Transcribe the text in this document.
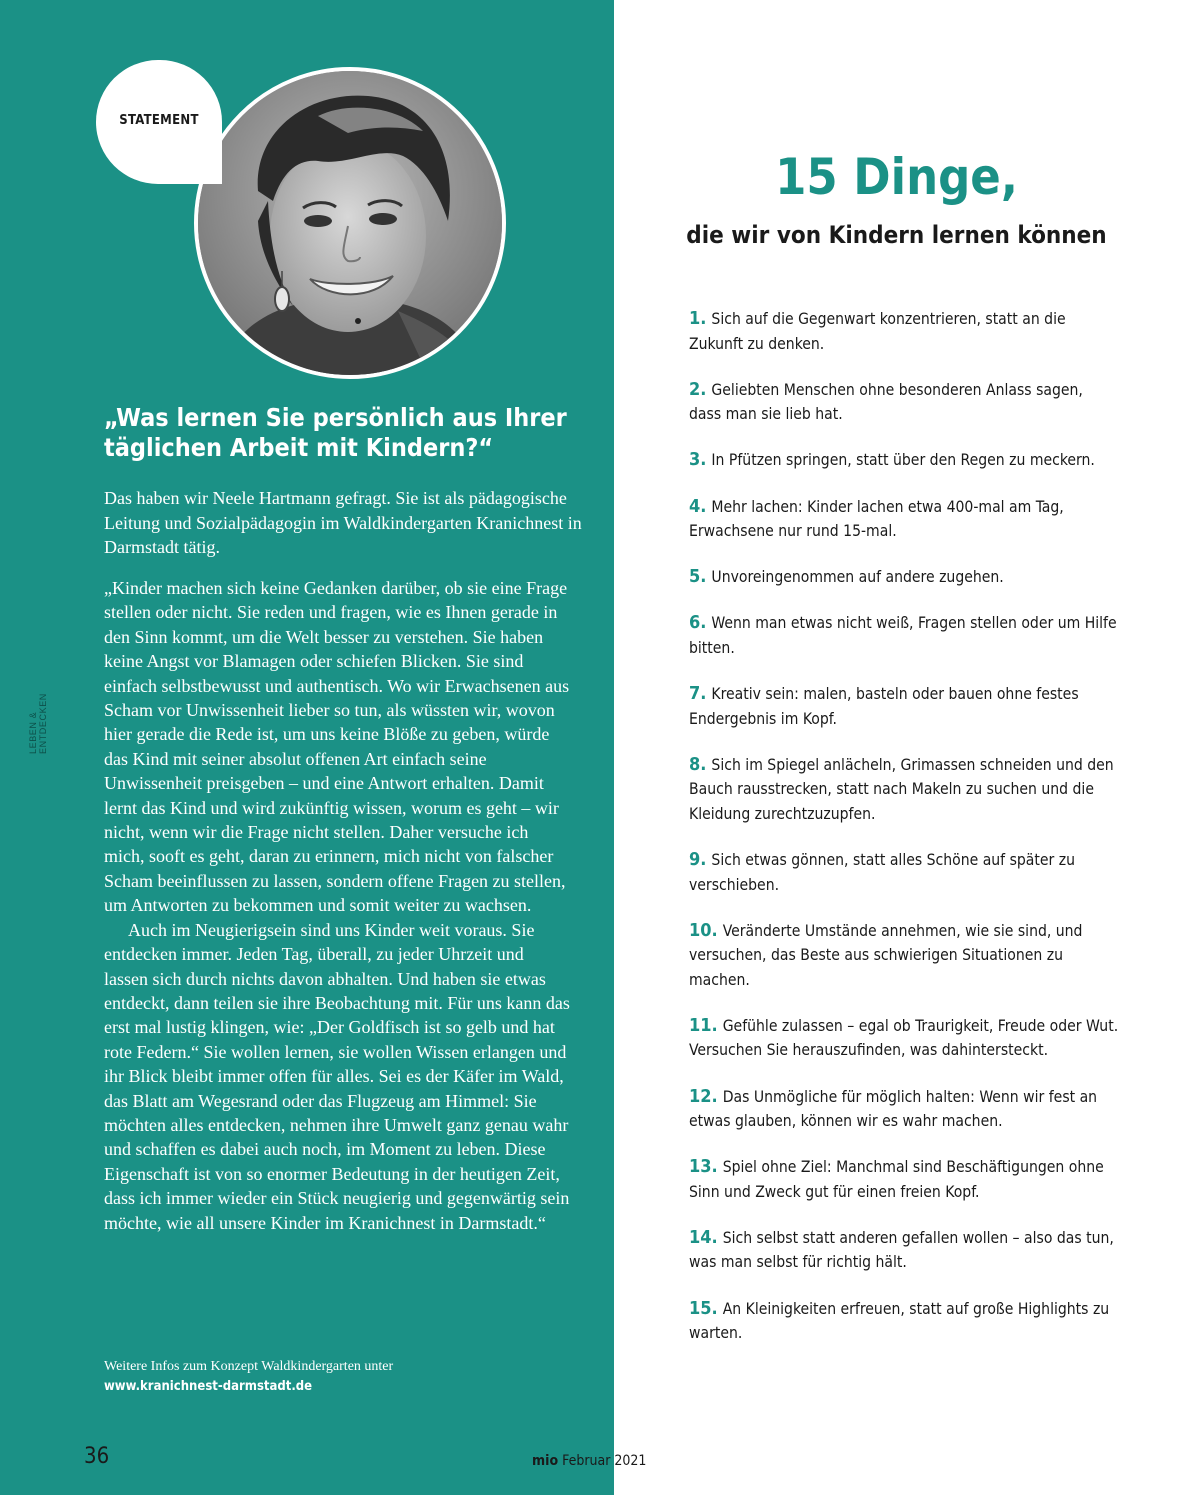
STATEMENT
LEBEN & ENTDECKEN
„Was lernen Sie persönlich aus Ihrer täglichen Arbeit mit Kindern?“
Das haben wir Neele Hartmann gefragt. Sie ist als pädagogische Leitung und Sozialpädagogin im Waldkindergarten Kranichnest in Darmstadt tätig.

„Kinder machen sich keine Gedanken darüber, ob sie eine Frage stellen oder nicht. Sie reden und fragen, wie es Ihnen gerade in den Sinn kommt, um die Welt besser zu verstehen. Sie haben keine Angst vor Blamagen oder schiefen Blicken. Sie sind einfach selbstbewusst und authentisch. Wo wir Erwachsenen aus Scham vor Unwissenheit lieber so tun, als wüssten wir, wovon hier gerade die Rede ist, um uns keine Blöße zu geben, würde das Kind mit seiner absolut offenen Art einfach seine Unwissenheit preisgeben – und eine Antwort erhalten. Damit lernt das Kind und wird zukünftig wissen, worum es geht – wir nicht, wenn wir die Frage nicht stellen. Daher versuche ich mich, sooft es geht, daran zu erinnern, mich nicht von falscher Scham beeinflussen zu lassen, sondern offene Fragen zu stellen, um Antworten zu bekommen und somit weiter zu wachsen.

Auch im Neugierigsein sind uns Kinder weit voraus. Sie entdecken immer. Jeden Tag, überall, zu jeder Uhrzeit und lassen sich durch nichts davon abhalten. Und haben sie etwas entdeckt, dann teilen sie ihre Beobachtung mit. Für uns kann das erst mal lustig klingen, wie: „Der Goldfisch ist so gelb und hat rote Federn.“ Sie wollen lernen, sie wollen Wissen erlangen und ihr Blick bleibt immer offen für alles. Sei es der Käfer im Wald, das Blatt am Wegesrand oder das Flugzeug am Himmel: Sie möchten alles entdecken, nehmen ihre Umwelt ganz genau wahr und schaffen es dabei auch noch, im Moment zu leben. Diese Eigenschaft ist von so enormer Bedeutung in der heutigen Zeit, dass ich immer wieder ein Stück neugierig und gegenwärtig sein möchte, wie all unsere Kinder im Kranichnest in Darmstadt.“

Weitere Infos zum Konzept Waldkindergarten unter
www.kranichnest-darmstadt.de
36	mio Februar 2021
15 Dinge,
die wir von Kindern lernen können
1. Sich auf die Gegenwart konzentrieren, statt an die Zukunft zu denken.
2. Geliebten Menschen ohne besonderen Anlass sagen, dass man sie lieb hat.
3. In Pfützen springen, statt über den Regen zu meckern.
4. Mehr lachen: Kinder lachen etwa 400-mal am Tag, Erwachsene nur rund 15-mal.
5. Unvoreingenommen auf andere zugehen.
6. Wenn man etwas nicht weiß, Fragen stellen oder um Hilfe bitten.
7. Kreativ sein: malen, basteln oder bauen ohne festes Endergebnis im Kopf.
8. Sich im Spiegel anlächeln, Grimassen schneiden und den Bauch rausstrecken, statt nach Makeln zu suchen und die Kleidung zurechtzuzupfen.
9. Sich etwas gönnen, statt alles Schöne auf später zu verschieben.
10. Veränderte Umstände annehmen, wie sie sind, und versuchen, das Beste aus schwierigen Situationen zu machen.
11. Gefühle zulassen – egal ob Traurigkeit, Freude oder Wut. Versuchen Sie herauszufinden, was dahintersteckt.
12. Das Unmögliche für möglich halten: Wenn wir fest an etwas glauben, können wir es wahr machen.
13. Spiel ohne Ziel: Manchmal sind Beschäftigungen ohne Sinn und Zweck gut für einen freien Kopf.
14. Sich selbst statt anderen gefallen wollen – also das tun, was man selbst für richtig hält.
15. An Kleinigkeiten erfreuen, statt auf große Highlights zu warten.
